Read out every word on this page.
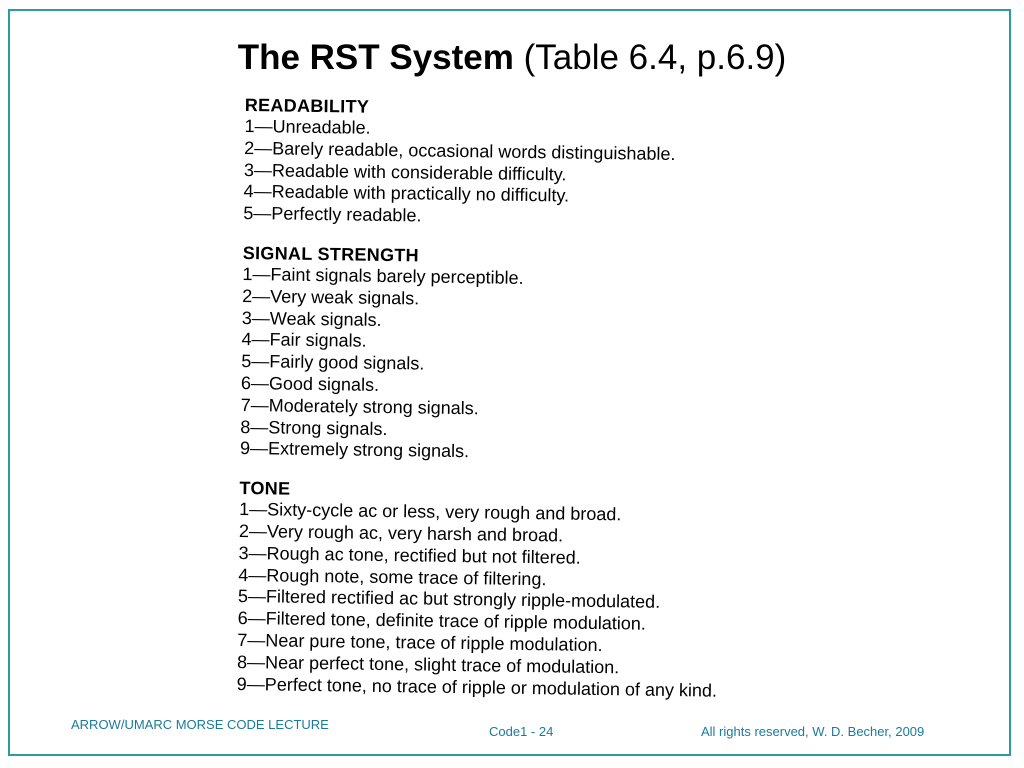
The RST System (Table 6.4, p.6.9)
READABILITY
1—Unreadable.
2—Barely readable, occasional words distinguishable.
3—Readable with considerable difficulty.
4—Readable with practically no difficulty.
5—Perfectly readable.
SIGNAL STRENGTH
1—Faint signals barely perceptible.
2—Very weak signals.
3—Weak signals.
4—Fair signals.
5—Fairly good signals.
6—Good signals.
7—Moderately strong signals.
8—Strong signals.
9—Extremely strong signals.
TONE
1—Sixty-cycle ac or less, very rough and broad.
2—Very rough ac, very harsh and broad.
3—Rough ac tone, rectified but not filtered.
4—Rough note, some trace of filtering.
5—Filtered rectified ac but strongly ripple-modulated.
6—Filtered tone, definite trace of ripple modulation.
7—Near pure tone, trace of ripple modulation.
8—Near perfect tone, slight trace of modulation.
9—Perfect tone, no trace of ripple or modulation of any kind.
ARROW/UMARC MORSE CODE LECTURE	Code1 - 24	All rights reserved, W. D. Becher, 2009
